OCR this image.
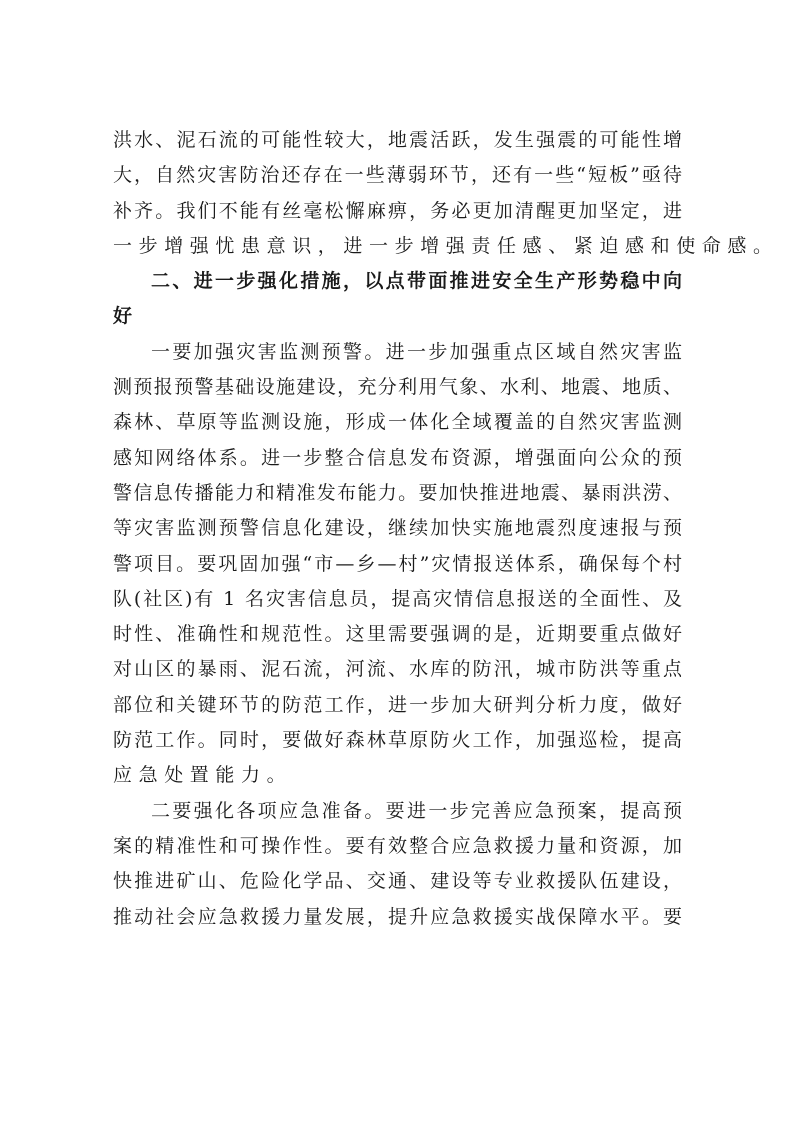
洪水、泥石流的可能性较大，地震活跃，发生强震的可能性增
大，自然灾害防治还存在一些薄弱环节，还有一些“短板”亟待
补齐。我们不能有丝毫松懈麻痹，务必更加清醒更加坚定，进
一步增强忧患意识，进一步增强责任感、紧迫感和使命感。
二、进一步强化措施，以点带面推进安全生产形势稳中向
好
一要加强灾害监测预警。进一步加强重点区域自然灾害监
测预报预警基础设施建设，充分利用气象、水利、地震、地质、
森林、草原等监测设施，形成一体化全域覆盖的自然灾害监测
感知网络体系。进一步整合信息发布资源，增强面向公众的预
警信息传播能力和精准发布能力。要加快推进地震、暴雨洪涝、
等灾害监测预警信息化建设，继续加快实施地震烈度速报与预
警项目。要巩固加强“市—乡—村”灾情报送体系，确保每个村
队(社区)有 1 名灾害信息员，提高灾情信息报送的全面性、及
时性、准确性和规范性。这里需要强调的是，近期要重点做好
对山区的暴雨、泥石流，河流、水库的防汛，城市防洪等重点
部位和关键环节的防范工作，进一步加大研判分析力度，做好
防范工作。同时，要做好森林草原防火工作，加强巡检，提高
应急处置能力。
二要强化各项应急准备。要进一步完善应急预案，提高预
案的精准性和可操作性。要有效整合应急救援力量和资源，加
快推进矿山、危险化学品、交通、建设等专业救援队伍建设，
推动社会应急救援力量发展，提升应急救援实战保障水平。要
